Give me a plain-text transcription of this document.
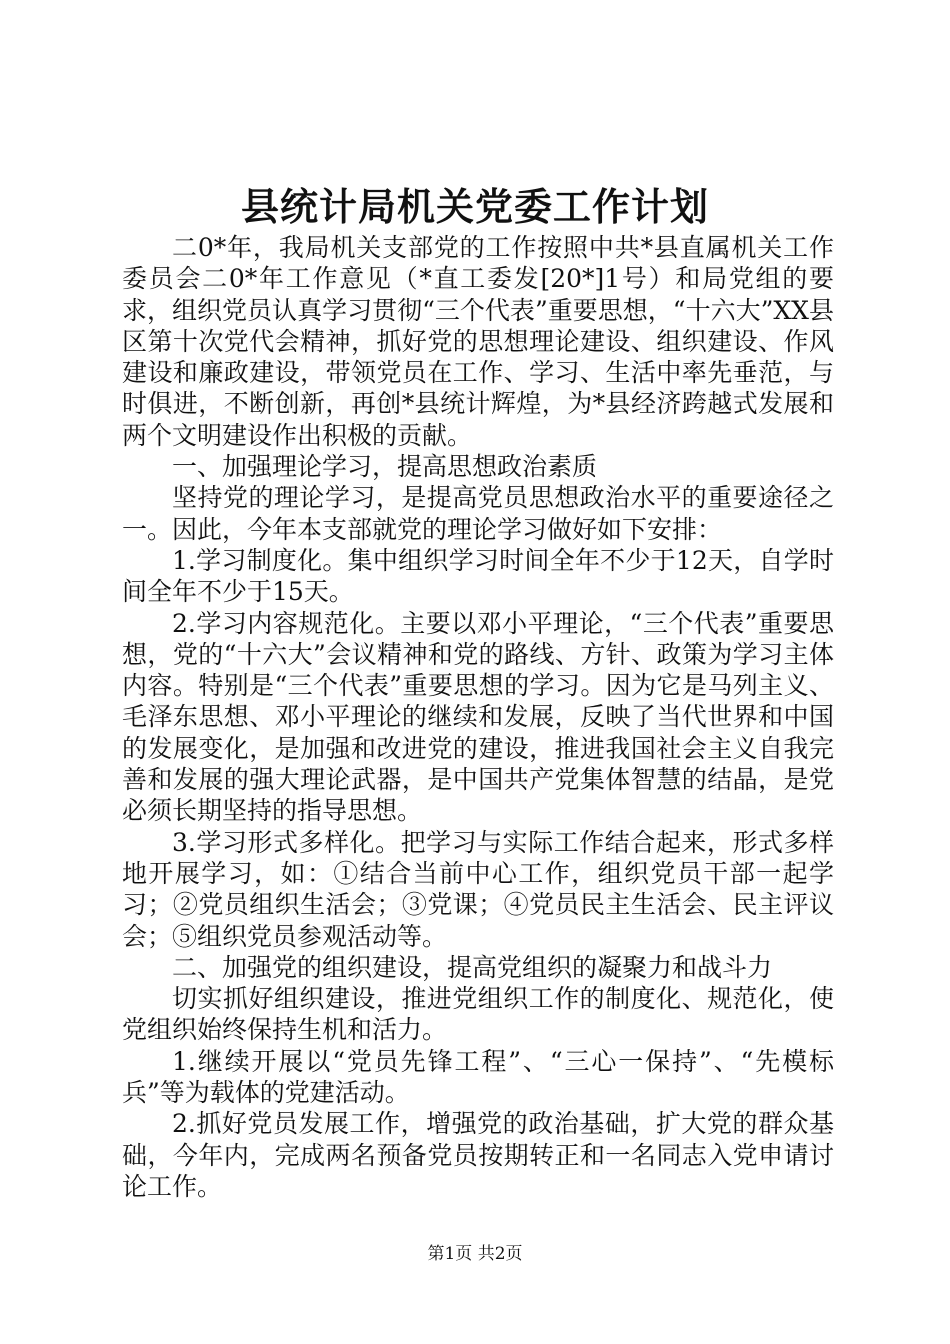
县统计局机关党委工作计划

二0*年，我局机关支部党的工作按照中共*县直属机关工作委员会二0*年工作意见（*直工委发[20*]1号）和局党组的要求，组织党员认真学习贯彻“三个代表”重要思想，“十六大”XX县区第十次党代会精神，抓好党的思想理论建设、组织建设、作风建设和廉政建设，带领党员在工作、学习、生活中率先垂范，与时俱进，不断创新，再创*县统计辉煌，为*县经济跨越式发展和两个文明建设作出积极的贡献。

一、加强理论学习，提高思想政治素质

坚持党的理论学习，是提高党员思想政治水平的重要途径之一。因此，今年本支部就党的理论学习做好如下安排：

1.学习制度化。集中组织学习时间全年不少于12天，自学时间全年不少于15天。

2.学习内容规范化。主要以邓小平理论，“三个代表”重要思想，党的“十六大”会议精神和党的路线、方针、政策为学习主体内容。特别是“三个代表”重要思想的学习。因为它是马列主义、毛泽东思想、邓小平理论的继续和发展，反映了当代世界和中国的发展变化，是加强和改进党的建设，推进我国社会主义自我完善和发展的强大理论武器，是中国共产党集体智慧的结晶，是党必须长期坚持的指导思想。

3.学习形式多样化。把学习与实际工作结合起来，形式多样地开展学习，如：①结合当前中心工作，组织党员干部一起学习；②党员组织生活会；③党课；④党员民主生活会、民主评议会；⑤组织党员参观活动等。

二、加强党的组织建设，提高党组织的凝聚力和战斗力

切实抓好组织建设，推进党组织工作的制度化、规范化，使党组织始终保持生机和活力。

1.继续开展以“党员先锋工程”、“三心一保持”、“先模标兵”等为载体的党建活动。

2.抓好党员发展工作，增强党的政治基础，扩大党的群众基础，今年内，完成两名预备党员按期转正和一名同志入党申请讨论工作。

第1页 共2页
